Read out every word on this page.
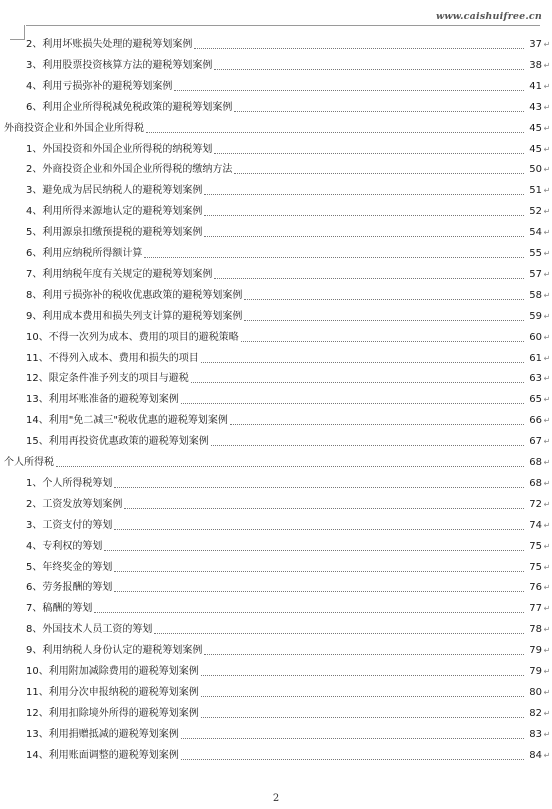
www.caishuifree.cn
2、利用坏账损失处理的避税筹划案例	37 ↵
3、利用股票投资核算方法的避税筹划案例	38 ↵
4、利用亏损弥补的避税筹划案例	41 ↵
6、利用企业所得税减免税政策的避税筹划案例	43 ↵
外商投资企业和外国企业所得税	45 ↵
1、外国投资和外国企业所得税的纳税筹划	45 ↵
2、外商投资企业和外国企业所得税的缴纳方法	50 ↵
3、避免成为居民纳税人的避税筹划案例	51 ↵
4、利用所得来源地认定的避税筹划案例	52 ↵
5、利用源泉扣缴预提税的避税筹划案例	54 ↵
6、利用应纳税所得额计算	55 ↵
7、利用纳税年度有关规定的避税筹划案例	57 ↵
8、利用亏损弥补的税收优惠政策的避税筹划案例	58 ↵
9、利用成本费用和损失列支计算的避税筹划案例	59 ↵
10、不得一次列为成本、费用的项目的避税策略	60 ↵
11、不得列入成本、费用和损失的项目	61 ↵
12、限定条件准予列支的项目与避税	63 ↵
13、利用坏账准备的避税筹划案例	65 ↵
14、利用"免二减三"税收优惠的避税筹划案例	66 ↵
15、利用再投资优惠政策的避税筹划案例	67 ↵
个人所得税	68 ↵
1、个人所得税筹划	68 ↵
2、工资发放筹划案例	72 ↵
3、工资支付的筹划	74 ↵
4、专利权的筹划	75 ↵
5、年终奖金的筹划	75 ↵
6、劳务报酬的筹划	76 ↵
7、稿酬的筹划	77 ↵
8、外国技术人员工资的筹划	78 ↵
9、利用纳税人身份认定的避税筹划案例	79 ↵
10、利用附加减除费用的避税筹划案例	79 ↵
11、利用分次申报纳税的避税筹划案例	80 ↵
12、利用扣除境外所得的避税筹划案例	82 ↵
13、利用捐赠抵减的避税筹划案例	83 ↵
14、利用账面调整的避税筹划案例	84 ↵
2
